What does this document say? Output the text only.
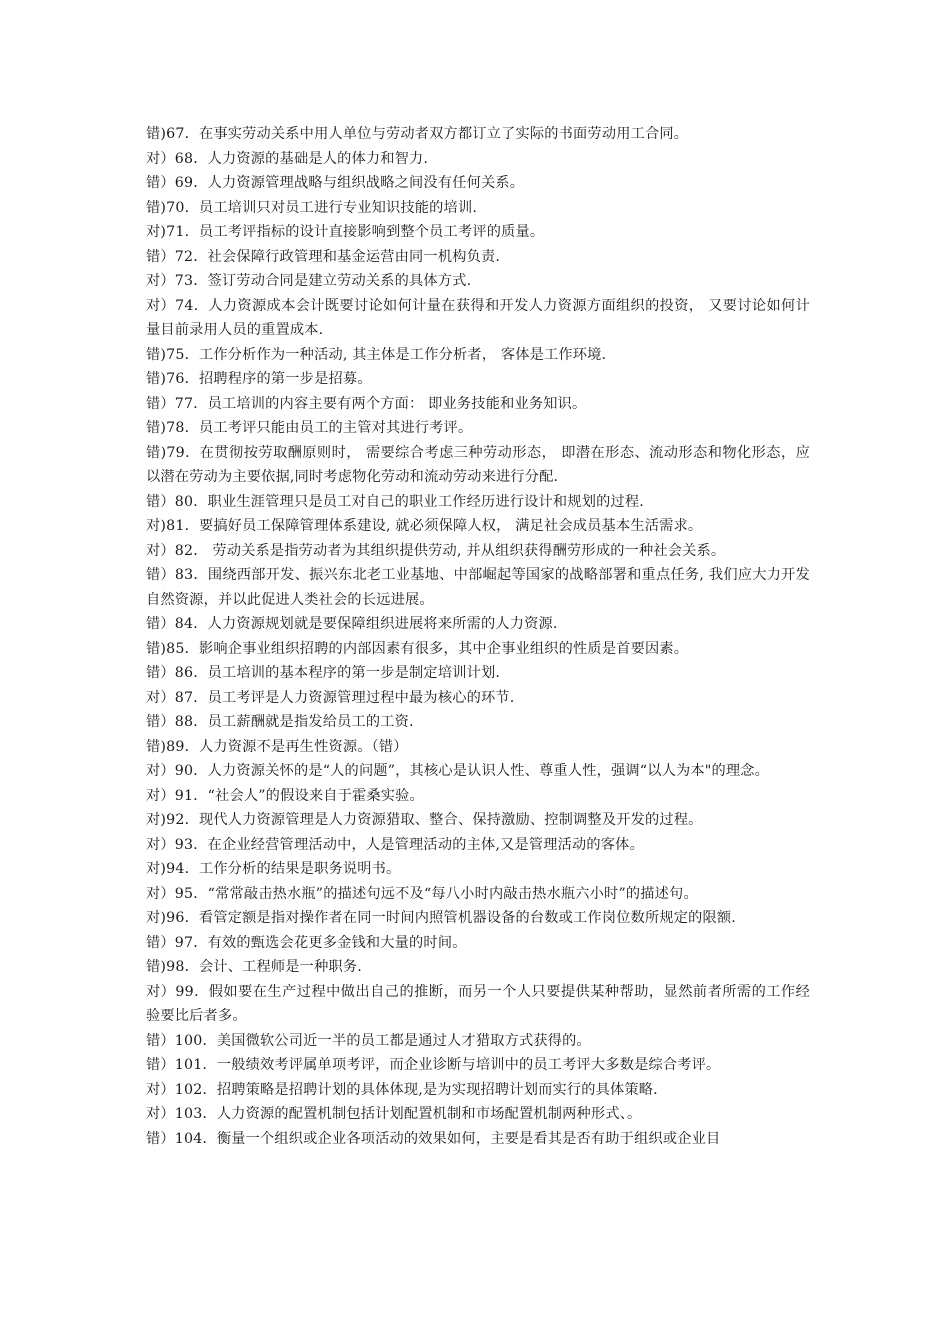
错)67．在事实劳动关系中用人单位与劳动者双方都订立了实际的书面劳动用工合同。

对）68．人力资源的基础是人的体力和智力.

错）69．人力资源管理战略与组织战略之间没有任何关系。

错)70．员工培训只对员工进行专业知识技能的培训.

对)71．员工考评指标的设计直接影响到整个员工考评的质量。

错）72．社会保障行政管理和基金运营由同一机构负责.

对）73．签订劳动合同是建立劳动关系的具体方式.

对）74．人力资源成本会计既要讨论如何计量在获得和开发人力资源方面组织的投资， 又要讨论如何计量目前录用人员的重置成本.

错)75．工作分析作为一种活动, 其主体是工作分析者， 客体是工作环境.

错)76．招聘程序的第一步是招募。

错）77．员工培训的内容主要有两个方面： 即业务技能和业务知识。

错)78．员工考评只能由员工的主管对其进行考评。

错)79．在贯彻按劳取酬原则时， 需要综合考虑三种劳动形态， 即潜在形态、流动形态和物化形态，应以潜在劳动为主要依据,同时考虑物化劳动和流动劳动来进行分配.

错）80．职业生涯管理只是员工对自己的职业工作经历进行设计和规划的过程.

对)81．要搞好员工保障管理体系建设, 就必须保障人权， 满足社会成员基本生活需求。

对）82． 劳动关系是指劳动者为其组织提供劳动, 并从组织获得酬劳形成的一种社会关系。

错）83．围绕西部开发、振兴东北老工业基地、中部崛起等国家的战略部署和重点任务, 我们应大力开发自然资源，并以此促进人类社会的长远进展。

错）84．人力资源规划就是要保障组织进展将来所需的人力资源.

错)85．影响企事业组织招聘的内部因素有很多，其中企事业组织的性质是首要因素。

错）86．员工培训的基本程序的第一步是制定培训计划.

对）87．员工考评是人力资源管理过程中最为核心的环节.

错）88．员工薪酬就是指发给员工的工资.

错)89．人力资源不是再生性资源。（错）

对）90．人力资源关怀的是“人的问题”，其核心是认识人性、尊重人性，强调“以人为本"的理念。

对）91．“社会人”的假设来自于霍桑实验。

对)92．现代人力资源管理是人力资源猎取、整合、保持激励、控制调整及开发的过程。

对）93．在企业经营管理活动中，人是管理活动的主体,又是管理活动的客体。

对)94．工作分析的结果是职务说明书。

对）95．“常常敲击热水瓶”的描述句远不及“每八小时内敲击热水瓶六小时”的描述句。

对)96．看管定额是指对操作者在同一时间内照管机器设备的台数或工作岗位数所规定的限额.

错）97．有效的甄选会花更多金钱和大量的时间。

错)98．会计、工程师是一种职务.

对）99．假如要在生产过程中做出自己的推断，而另一个人只要提供某种帮助，显然前者所需的工作经验要比后者多。

错）100．美国微软公司近一半的员工都是通过人才猎取方式获得的。

错）101．一般绩效考评属单项考评，而企业诊断与培训中的员工考评大多数是综合考评。

对）102．招聘策略是招聘计划的具体体现,是为实现招聘计划而实行的具体策略.

对）103．人力资源的配置机制包括计划配置机制和市场配置机制两种形式、。

错）104．衡量一个组织或企业各项活动的效果如何，主要是看其是否有助于组织或企业目
